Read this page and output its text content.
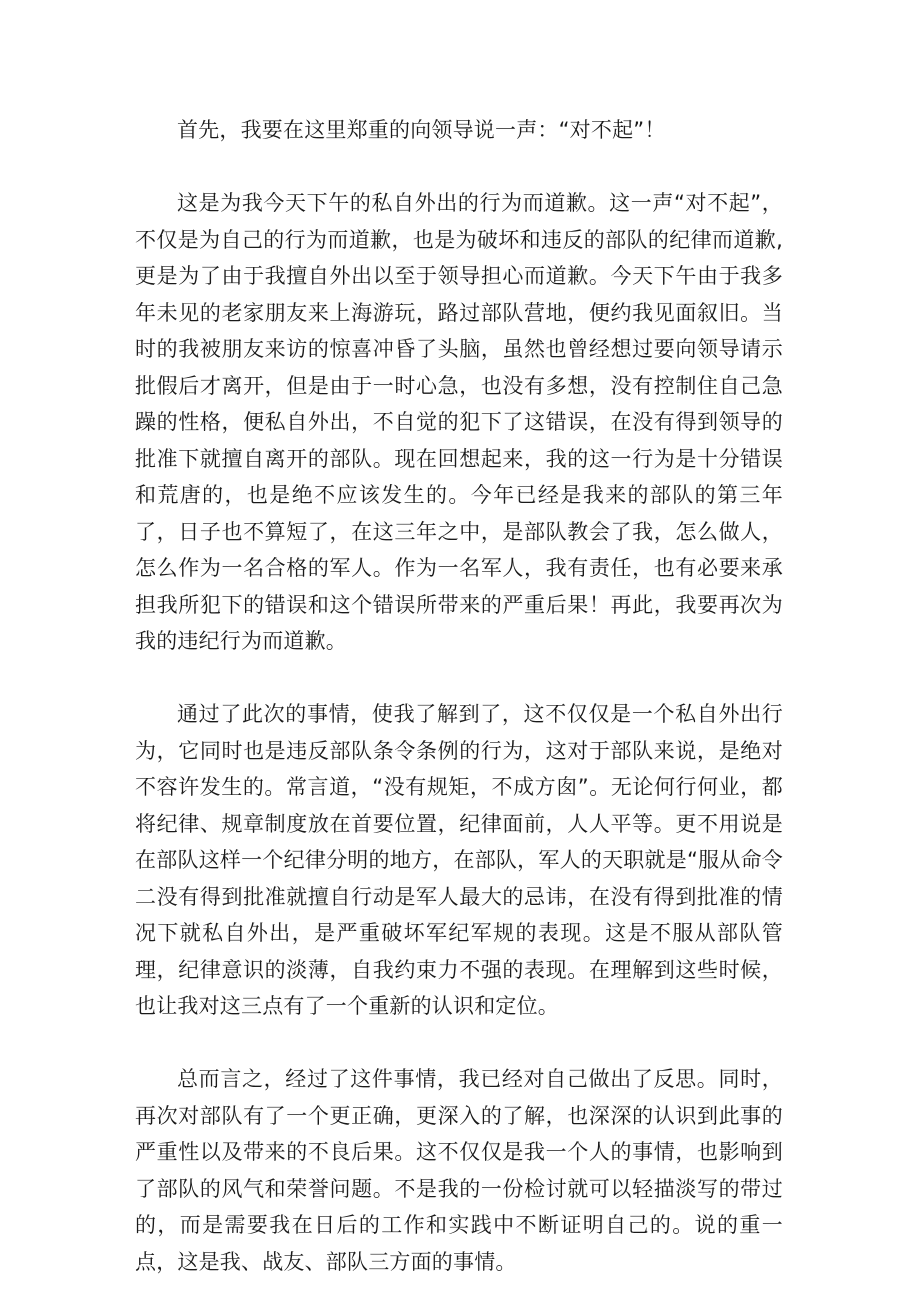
首先，我要在这里郑重的向领导说一声：“对不起”！

这是为我今天下午的私自外出的行为而道歉。这一声“对不起”，不仅是为自己的行为而道歉，也是为破坏和违反的部队的纪律而道歉,更是为了由于我擅自外出以至于领导担心而道歉。今天下午由于我多年未见的老家朋友来上海游玩，路过部队营地，便约我见面叙旧。当时的我被朋友来访的惊喜冲昏了头脑，虽然也曾经想过要向领导请示批假后才离开，但是由于一时心急，也没有多想，没有控制住自己急躁的性格，便私自外出，不自觉的犯下了这错误，在没有得到领导的批准下就擅自离开的部队。现在回想起来，我的这一行为是十分错误和荒唐的，也是绝不应该发生的。今年已经是我来的部队的第三年了，日子也不算短了，在这三年之中，是部队教会了我，怎么做人，怎么作为一名合格的军人。作为一名军人，我有责任，也有必要来承担我所犯下的错误和这个错误所带来的严重后果！再此，我要再次为我的违纪行为而道歉。

通过了此次的事情，使我了解到了，这不仅仅是一个私自外出行为，它同时也是违反部队条令条例的行为，这对于部队来说，是绝对不容许发生的。常言道，“没有规矩，不成方囱”。无论何行何业，都将纪律、规章制度放在首要位置，纪律面前，人人平等。更不用说是在部队这样一个纪律分明的地方，在部队，军人的天职就是“服从命令二没有得到批准就擅自行动是军人最大的忌讳，在没有得到批准的情况下就私自外出，是严重破坏军纪军规的表现。这是不服从部队管理，纪律意识的淡薄，自我约束力不强的表现。在理解到这些时候，也让我对这三点有了一个重新的认识和定位。

总而言之，经过了这件事情，我已经对自己做出了反思。同时，再次对部队有了一个更正确，更深入的了解，也深深的认识到此事的严重性以及带来的不良后果。这不仅仅是我一个人的事情，也影响到了部队的风气和荣誉问题。不是我的一份检讨就可以轻描淡写的带过的，而是需要我在日后的工作和实践中不断证明自己的。说的重一点，这是我、战友、部队三方面的事情。
